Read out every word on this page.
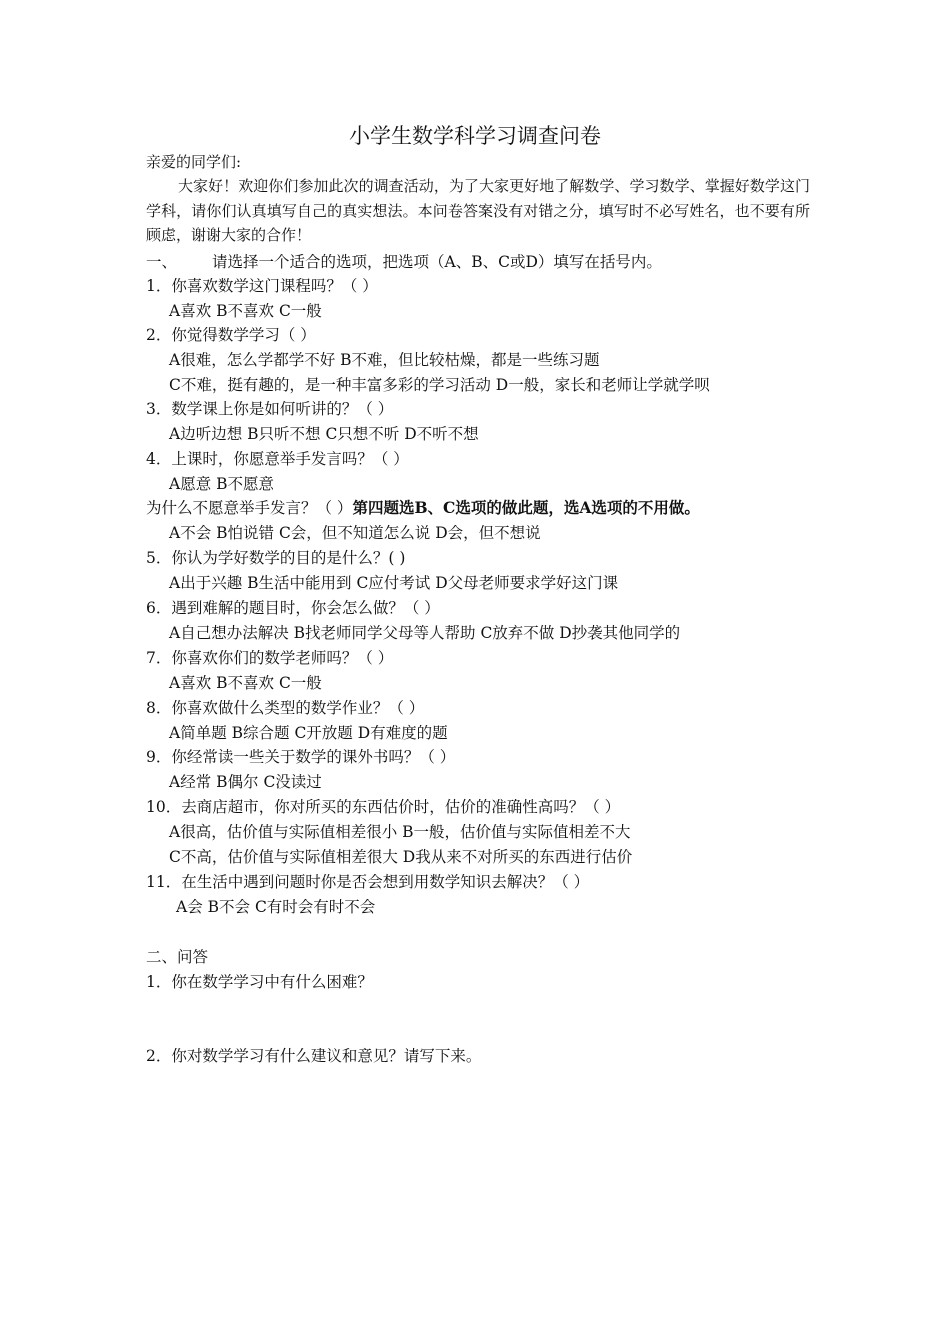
小学生数学科学习调查问卷
亲爱的同学们:
大家好！欢迎你们参加此次的调查活动，为了大家更好地了解数学、学习数学、掌握好数学这门学科，请你们认真填写自己的真实想法。本问卷答案没有对错之分，填写时不必写姓名，也不要有所顾虑，谢谢大家的合作！
一、 请选择一个适合的选项，把选项（A、B、C或D）填写在括号内。
1．你喜欢数学这门课程吗？（ ）
A喜欢 B不喜欢 C一般
2．你觉得数学学习（ ）
A很难，怎么学都学不好 B不难，但比较枯燥，都是一些练习题
C不难，挺有趣的，是一种丰富多彩的学习活动 D一般，家长和老师让学就学呗
3．数学课上你是如何听讲的？（ ）
A边听边想 B只听不想 C只想不听 D不听不想
4．上课时，你愿意举手发言吗？（ ）
A愿意 B不愿意
为什么不愿意举手发言？（ ）第四题选B、C选项的做此题，选A选项的不用做。
A不会 B怕说错 C会，但不知道怎么说 D会，但不想说
5．你认为学好数学的目的是什么？( )
A出于兴趣 B生活中能用到 C应付考试 D父母老师要求学好这门课
6．遇到难解的题目时，你会怎么做？（ ）
A自己想办法解决 B找老师同学父母等人帮助 C放弃不做 D抄袭其他同学的
7．你喜欢你们的数学老师吗？（ ）
A喜欢 B不喜欢 C一般
8．你喜欢做什么类型的数学作业？（ ）
A简单题 B综合题 C开放题 D有难度的题
9．你经常读一些关于数学的课外书吗？（ ）
A经常 B偶尔 C没读过
10．去商店超市，你对所买的东西估价时，估价的准确性高吗？（ ）
A很高，估价值与实际值相差很小 B一般，估价值与实际值相差不大
C不高，估价值与实际值相差很大 D我从来不对所买的东西进行估价
11．在生活中遇到问题时你是否会想到用数学知识去解决？（ ）
A会 B不会 C有时会有时不会
二、问答
1．你在数学学习中有什么困难？
2．你对数学学习有什么建议和意见？请写下来。
